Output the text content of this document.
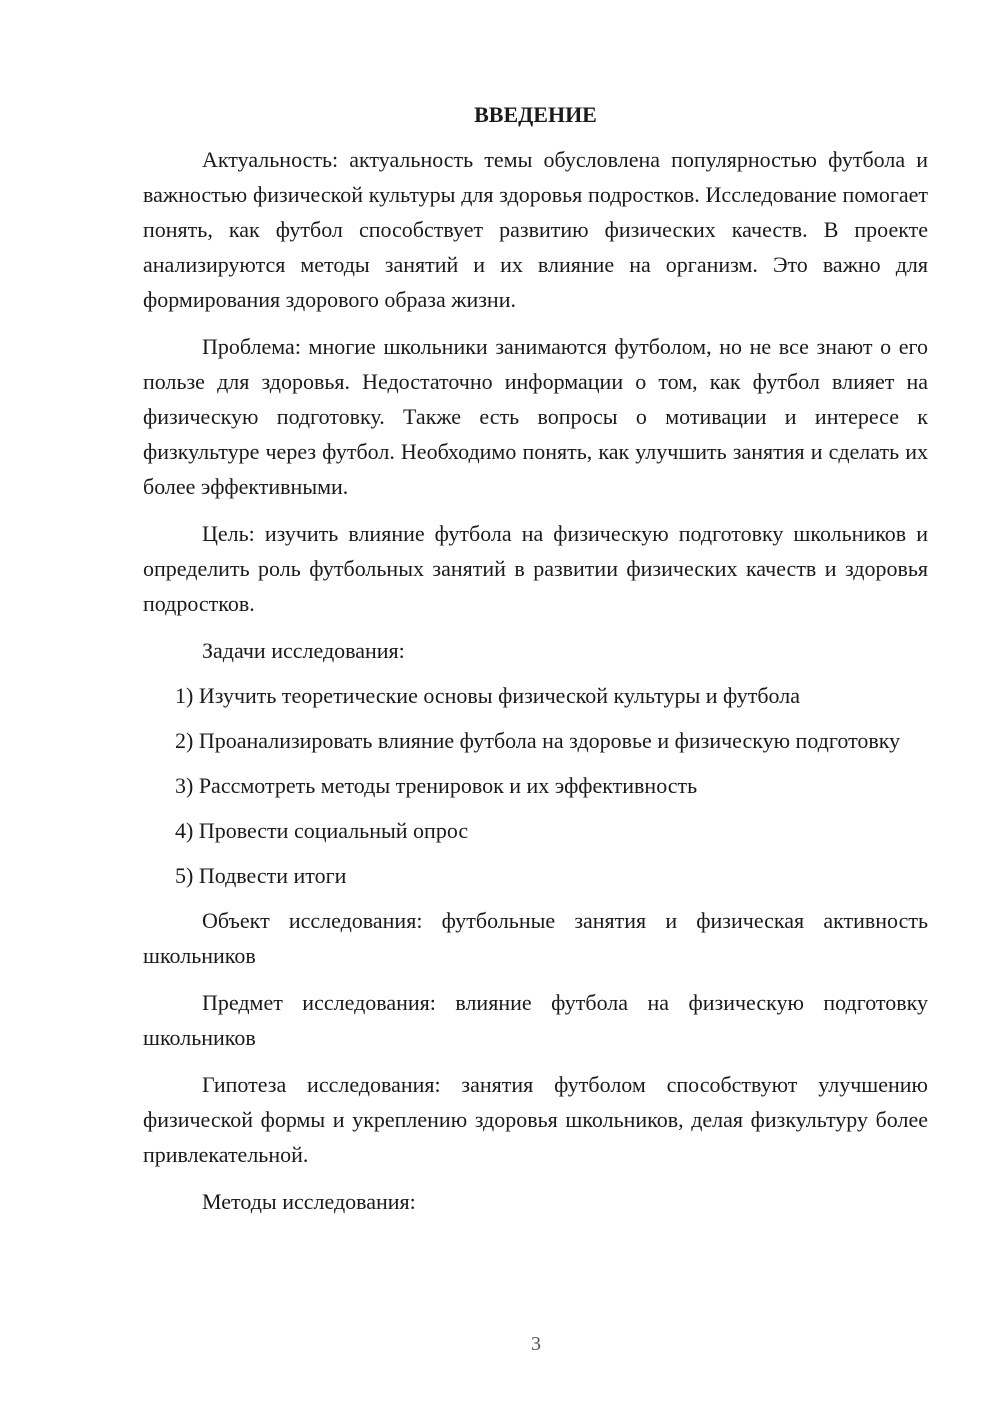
ВВЕДЕНИЕ

Актуальность: актуальность темы обусловлена популярностью футбола и важностью физической культуры для здоровья подростков. Исследование помогает понять, как футбол способствует развитию физических качеств. В проекте анализируются методы занятий и их влияние на организм. Это важно для формирования здорового образа жизни.

Проблема: многие школьники занимаются футболом, но не все знают о его пользе для здоровья. Недостаточно информации о том, как футбол влияет на физическую подготовку. Также есть вопросы о мотивации и интересе к физкультуре через футбол. Необходимо понять, как улучшить занятия и сделать их более эффективными.

Цель: изучить влияние футбола на физическую подготовку школьников и определить роль футбольных занятий в развитии физических качеств и здоровья подростков.

Задачи исследования:

1) Изучить теоретические основы физической культуры и футбола
2) Проанализировать влияние футбола на здоровье и физическую подготовку
3) Рассмотреть методы тренировок и их эффективность
4) Провести социальный опрос
5) Подвести итоги

Объект исследования: футбольные занятия и физическая активность школьников

Предмет исследования: влияние футбола на физическую подготовку школьников

Гипотеза исследования: занятия футболом способствуют улучшению физической формы и укреплению здоровья школьников, делая физкультуру более привлекательной.

Методы исследования:

3
